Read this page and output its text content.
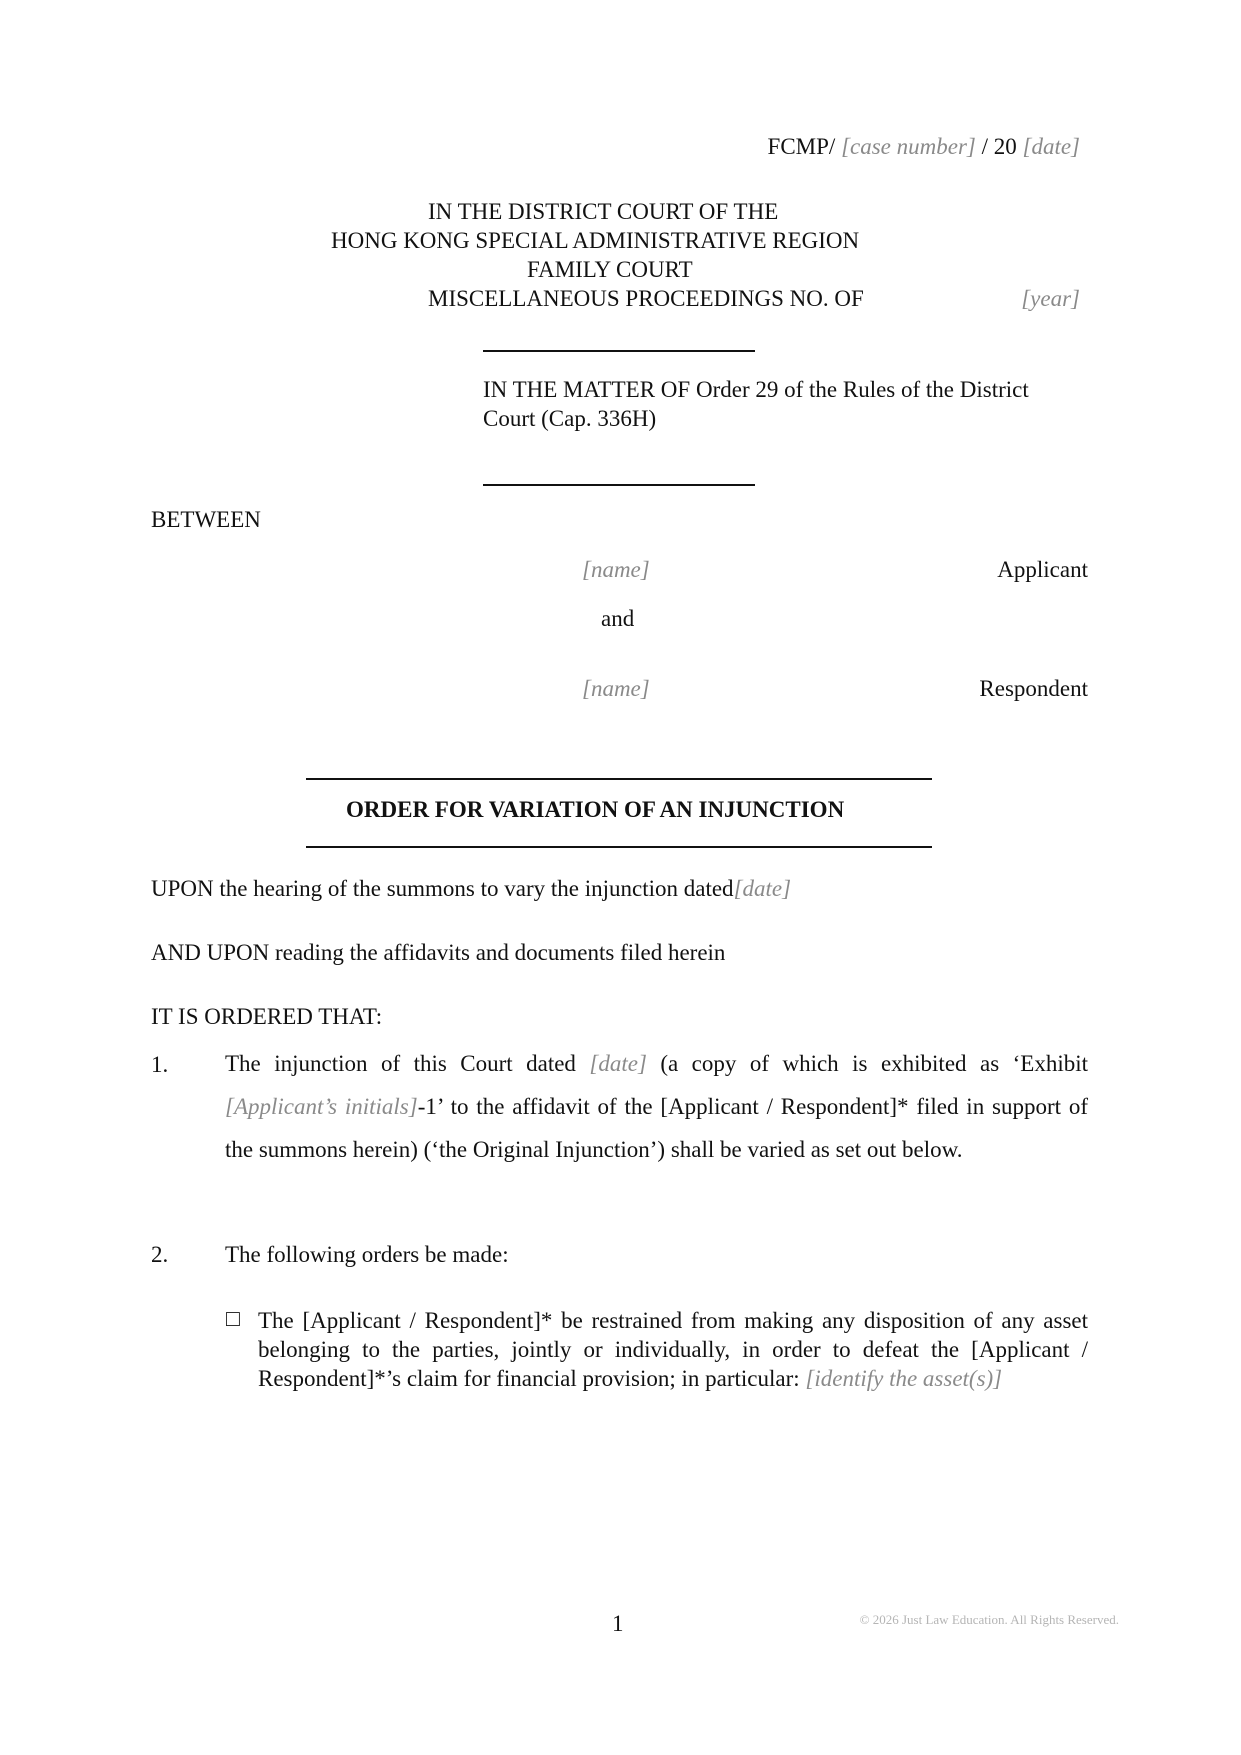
FCMP/ [case number] / 20 [date]
IN THE DISTRICT COURT OF THE
HONG KONG SPECIAL ADMINISTRATIVE REGION
FAMILY COURT
MISCELLANEOUS PROCEEDINGS NO. OF	[year]
IN THE MATTER OF Order 29 of the Rules of the District
Court (Cap. 336H)
BETWEEN
[name]	Applicant
and
[name]	Respondent
ORDER FOR VARIATION OF AN INJUNCTION
UPON the hearing of the summons to vary the injunction dated[date]
AND UPON reading the affidavits and documents filed herein
IT IS ORDERED THAT:
1. The injunction of this Court dated [date] (a copy of which is exhibited as ‘Exhibit [Applicant’s initials]-1’ to the affidavit of the [Applicant / Respondent]* filed in support of the summons herein) (‘the Original Injunction’) shall be varied as set out below.
2. The following orders be made:
□ The [Applicant / Respondent]* be restrained from making any disposition of any asset belonging to the parties, jointly or individually, in order to defeat the [Applicant / Respondent]*’s claim for financial provision; in particular: [identify the asset(s)]
1	© 2026 Just Law Education. All Rights Reserved.
